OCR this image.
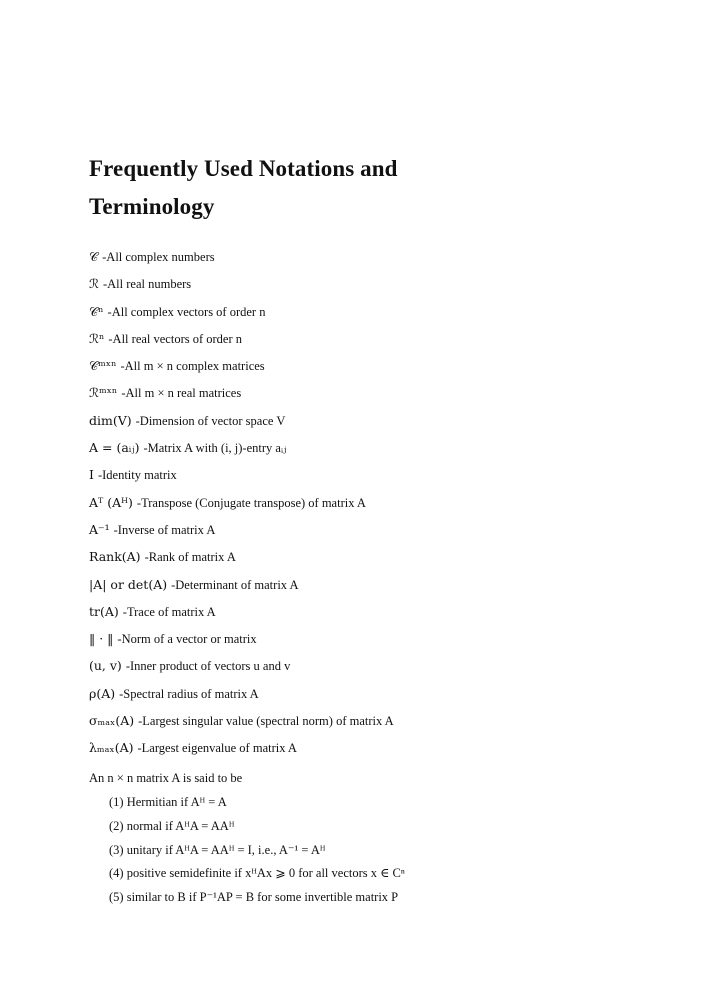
Frequently Used Notations and Terminology
𝒞 -All complex numbers
ℛ -All real numbers
𝒞ⁿ -All complex vectors of order n
ℛⁿ -All real vectors of order n
𝒞ᵐˣⁿ -All m × n complex matrices
ℛᵐˣⁿ -All m × n real matrices
dim(V) -Dimension of vector space V
A = (aᵢⱼ) -Matrix A with (i, j)-entry aᵢⱼ
I -Identity matrix
Aᵀ (Aᴴ) -Transpose (Conjugate transpose) of matrix A
A⁻¹ -Inverse of matrix A
Rank(A) -Rank of matrix A
|A| or det(A) -Determinant of matrix A
tr(A) -Trace of matrix A
‖ · ‖ -Norm of a vector or matrix
(u, v) -Inner product of vectors u and v
ρ(A) -Spectral radius of matrix A
σₘₐₓ(A) -Largest singular value (spectral norm) of matrix A
λₘₐₓ(A) -Largest eigenvalue of matrix A
An n × n matrix A is said to be
(1) Hermitian if Aᴴ = A
(2) normal if AᴴA = AAᴴ
(3) unitary if AᴴA = AAᴴ = I, i.e., A⁻¹ = Aᴴ
(4) positive semidefinite if xᴴAx ⩾ 0 for all vectors x ∈ Cⁿ
(5) similar to B if P⁻¹AP = B for some invertible matrix P
